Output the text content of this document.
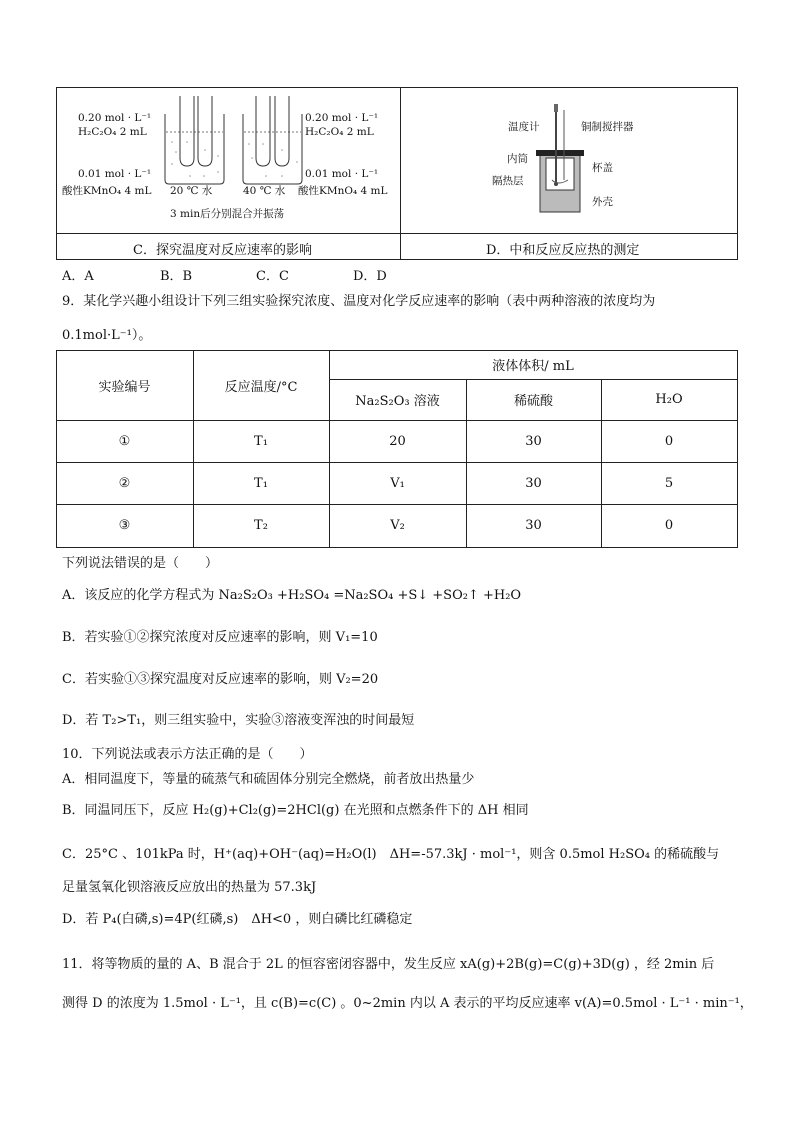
0.20 mol · L⁻¹
H₂C₂O₄ 2 mL
0.01 mol · L⁻¹
酸性KMnO₄ 4 mL 20 ℃ 水	40 ℃ 水
0.20 mol · L⁻¹
H₂C₂O₄ 2 mL
0.01 mol · L⁻¹
酸性KMnO₄ 4 mL
3 min后分别混合并振荡
温度计	铜制搅拌器
内筒
杯盖
隔热层
外壳
C．探究温度对反应速率的影响	D．中和反应反应热的测定
A．A	B．B	C．C	D．D
9．某化学兴趣小组设计下列三组实验探究浓度、温度对化学反应速率的影响（表中两种溶液的浓度均为
0.1mol·L⁻¹）。
实验编号	反应温度/°C
液体体积/ mL
Na₂S₂O₃ 溶液	稀硫酸	H₂O
①	T₁	20	30	0
②	T₁	V₁	30	5
③	T₂	V₂	30	0
下列说法错误的是（　　）
A．该反应的化学方程式为 Na₂S₂O₃ +H₂SO₄ =Na₂SO₄ +S↓ +SO₂↑ +H₂O
B．若实验①②探究浓度对反应速率的影响，则 V₁=10
C．若实验①③探究温度对反应速率的影响，则 V₂=20
D．若 T₂>T₁，则三组实验中，实验③溶液变浑浊的时间最短
10．下列说法或表示方法正确的是（　　）
A．相同温度下，等量的硫蒸气和硫固体分别完全燃烧，前者放出热量少
B．同温同压下，反应 H₂(g)+Cl₂(g)=2HCl(g) 在光照和点燃条件下的 ΔH 相同
C．25°C 、101kPa 时，H⁺(aq)+OH⁻(aq)=H₂O(l)　ΔH=-57.3kJ · mol⁻¹，则含 0.5mol H₂SO₄ 的稀硫酸与
足量氢氧化钡溶液反应放出的热量为 57.3kJ
D．若 P₄(白磷,s)=4P(红磷,s)　ΔH<0 ，则白磷比红磷稳定
11．将等物质的量的 A、B 混合于 2L 的恒容密闭容器中，发生反应 xA(g)+2B(g)=C(g)+3D(g) ，经 2min 后
测得 D 的浓度为 1.5mol · L⁻¹，且 c(B)=c(C) 。0~2min 内以 A 表示的平均反应速率 v(A)=0.5mol · L⁻¹ · min⁻¹，
